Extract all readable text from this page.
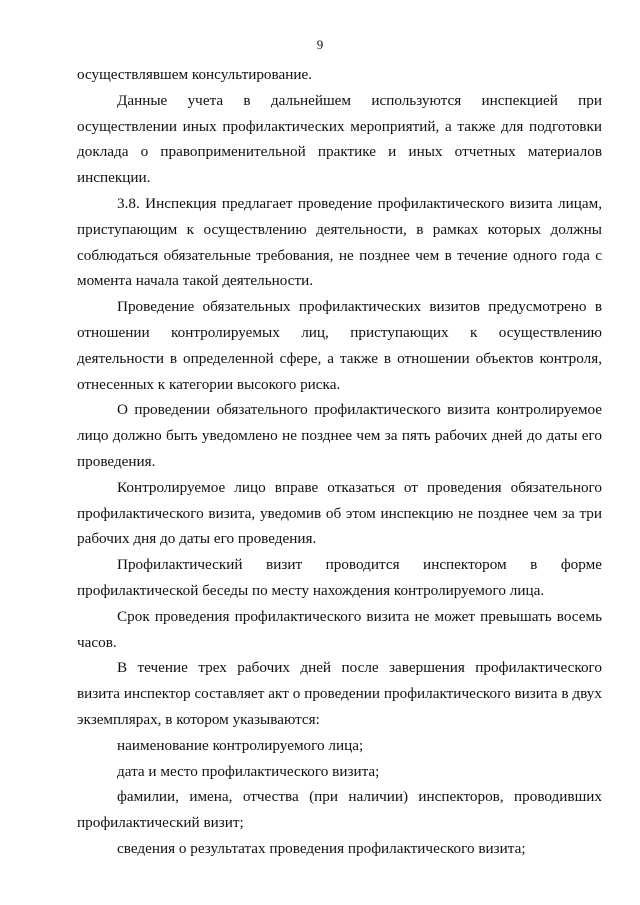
9

осуществлявшем консультирование.

Данные учета в дальнейшем используются инспекцией при осуществлении иных профилактических мероприятий, а также для подготовки доклада о правоприменительной практике и иных отчетных материалов инспекции.

3.8. Инспекция предлагает проведение профилактического визита лицам, приступающим к осуществлению деятельности, в рамках которых должны соблюдаться обязательные требования, не позднее чем в течение одного года с момента начала такой деятельности.

Проведение обязательных профилактических визитов предусмотрено в отношении контролируемых лиц, приступающих к осуществлению деятельности в определенной сфере, а также в отношении объектов контроля, отнесенных к категории высокого риска.

О проведении обязательного профилактического визита контролируемое лицо должно быть уведомлено не позднее чем за пять рабочих дней до даты его проведения.

Контролируемое лицо вправе отказаться от проведения обязательного профилактического визита, уведомив об этом инспекцию не позднее чем за три рабочих дня до даты его проведения.

Профилактический визит проводится инспектором в форме профилактической беседы по месту нахождения контролируемого лица.

Срок проведения профилактического визита не может превышать восемь часов.

В течение трех рабочих дней после завершения профилактического визита инспектор составляет акт о проведении профилактического визита в двух экземплярах, в котором указываются:

наименование контролируемого лица;

дата и место профилактического визита;

фамилии, имена, отчества (при наличии) инспекторов, проводивших профилактический визит;

сведения о результатах проведения профилактического визита;
